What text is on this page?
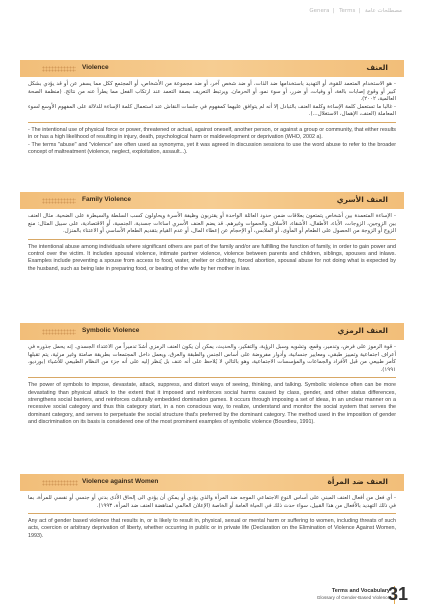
Genera | Terms | مصطلحات عامة
Violence	العنف
- هو الاستخدام المتعمد للقوة، أو التهديد باستخدامها ضد الذات، أو ضد شخص آخر، أو ضد مجموعة من الأشخاص، أو المجتمع ككل مما يسفر عن أو قد يؤدي بشكل كبير أو وقوع إصابات بالغة، أو وفيات، أو ضرر، أو سوء نمو، أو الحرمان. ويرتبط التعريف بصفة التعمد عند ارتكاب الفعل مما يطرأ عنه من نتائج. (منظمة الصحة العالمية، ٢٠٠٢).
- غالبا ما تستعمل كلمة الإساءة وكلمة العنف بالتبادل إلا أنه لم يتوافق عليهما كمفهوم في جلسات النقاش عند استعمال كلمة الإساءة للدلالة على المفهوم الأوسع لسوء المعاملة (العنف، الإهمال، الاستغلال...).
- The intentional use of physical force or power, threatened or actual, against oneself, another person, or against a group or community, that either results in or has a high likelihood of resulting in injury, death, psychological harm or maldevelopment or deprivation (WHO, 2002 a).
- The terms "abuse" and "violence" are often used as synonyms, yet it was agreed in discussion sessions to use the word abuse to refer to the broader concept of maltreatment (violence, neglect, exploitation, assault...).
Family Violence	العنف الأسري
- الإساءة المتعمدة بين أشخاص يتمتعون بعلاقات ضمن حدود العائلة الواحدة أو يقتربون وظيفة الأسرة ويحاولون كسب السلطة والسيطرة على الضحية. مثال العنف بين الزوجين، الزوجات، الأباء، الأطفال، الأشقاء، الأسلاف والحموات وغيرهم. قد يضم العنف الأسري اساءات جسدية، الجنسية، أو الاقتصادية، على سبيل المثال: منع الزوج أو الزوجة من الحصول على الطعام أو المأوى، أو الملابس، أو الإحجام عن إعطاء المال، أو عدم القيام بتقديم الطعام الأساسي أو الاعتناء بالمنزل.
The intentional abuse among individuals where significant others are part of the family and/or are fulfilling the function of family, in order to gain power and control over the victim. It includes spousal violence, intimate partner violence, violence between parents and children, siblings, spouses and inlaws. Examples include preventing a spouse from access to food, water, shelter or clothing, forced abortion, spousal abuse for not doing what is expected by the husband, such as being late in preparing food, or beating of the wife by her mother in law.
Symbolic Violence	العنف الرمزي
- قوة الرموز على فرض، وتدمير، وقمع، وتشويه وسبل الرؤية، والتفكير، والحديث، يمكن أن يكون العنف الرمزي أشدّ تدميراً من الاعتداء الجسدي. إنه يحمل جذوره في أعراف اجتماعية وتمييز طبقي، ومعايير جنسانية، وأدوار مفروضة على أساس الجنس والطبقة والعرق، ويعمل داخل المجتمعات بطريقة صامتة وغير مرئية، يتم تقبلها كأمر طبيعي من قبل الأفراد والجماعات والمؤسسات الاجتماعية، وهو بالتالي لا يُلاحظ على أنه عنف بل يُنظر إليه على أنه جزء من النظام الطبيعي للأشياء (بورديو، ١٩٩١).
The power of symbols to impose, devastate, attack, suppress, and distort ways of seeing, thinking, and talking. Symbolic violence often can be more devastating than physical attack to the extent that it imposed and reinforces social harms caused by class, gender, and other status differences, strengthens social barriers, and reinforces culturally embedded domination games. It occurs through imposing a set of ideas, in an unclear manner on a recessive social category and thus this category start, in a non conscious way, to realize, understand and monitor the social system that serves the dominant category, and serves to perpetuate the social structure that's preferred by the dominant category. The method used in the imposition of gender and discrimination on its basis is considered one of the most prominent examples of symbolic violence (Bourdieu, 1991).
Violence against Women	العنف ضد المرأة
- أي فعل من أفعال العنف المبني على أساس النوع الاجتماعي الموجه ضد المرأة والذي يؤدي أو يمكن أن يؤدي الى إلحاق الأذى بدني أو جنسي أو نفسي للمرأة، بما في ذلك التهديد بالأفعال من هذا القبيل، سواء حدث ذلك في الحياة العامة أو الخاصة (الإعلان العالمي لمناهضة العنف ضد المرأة، ١٩٩٣).
Any act of gender based violence that results in, or is likely to result in, physical, sexual or mental harm or suffering to women, including threats of such acts, coercion or arbitrary deprivation of liberty, whether occurring in public or in private life (Declaration on the Elimination of Violence Against Women, 1993).
Terms and Vocabulary
Glossary of Gender-Based Violence
31
